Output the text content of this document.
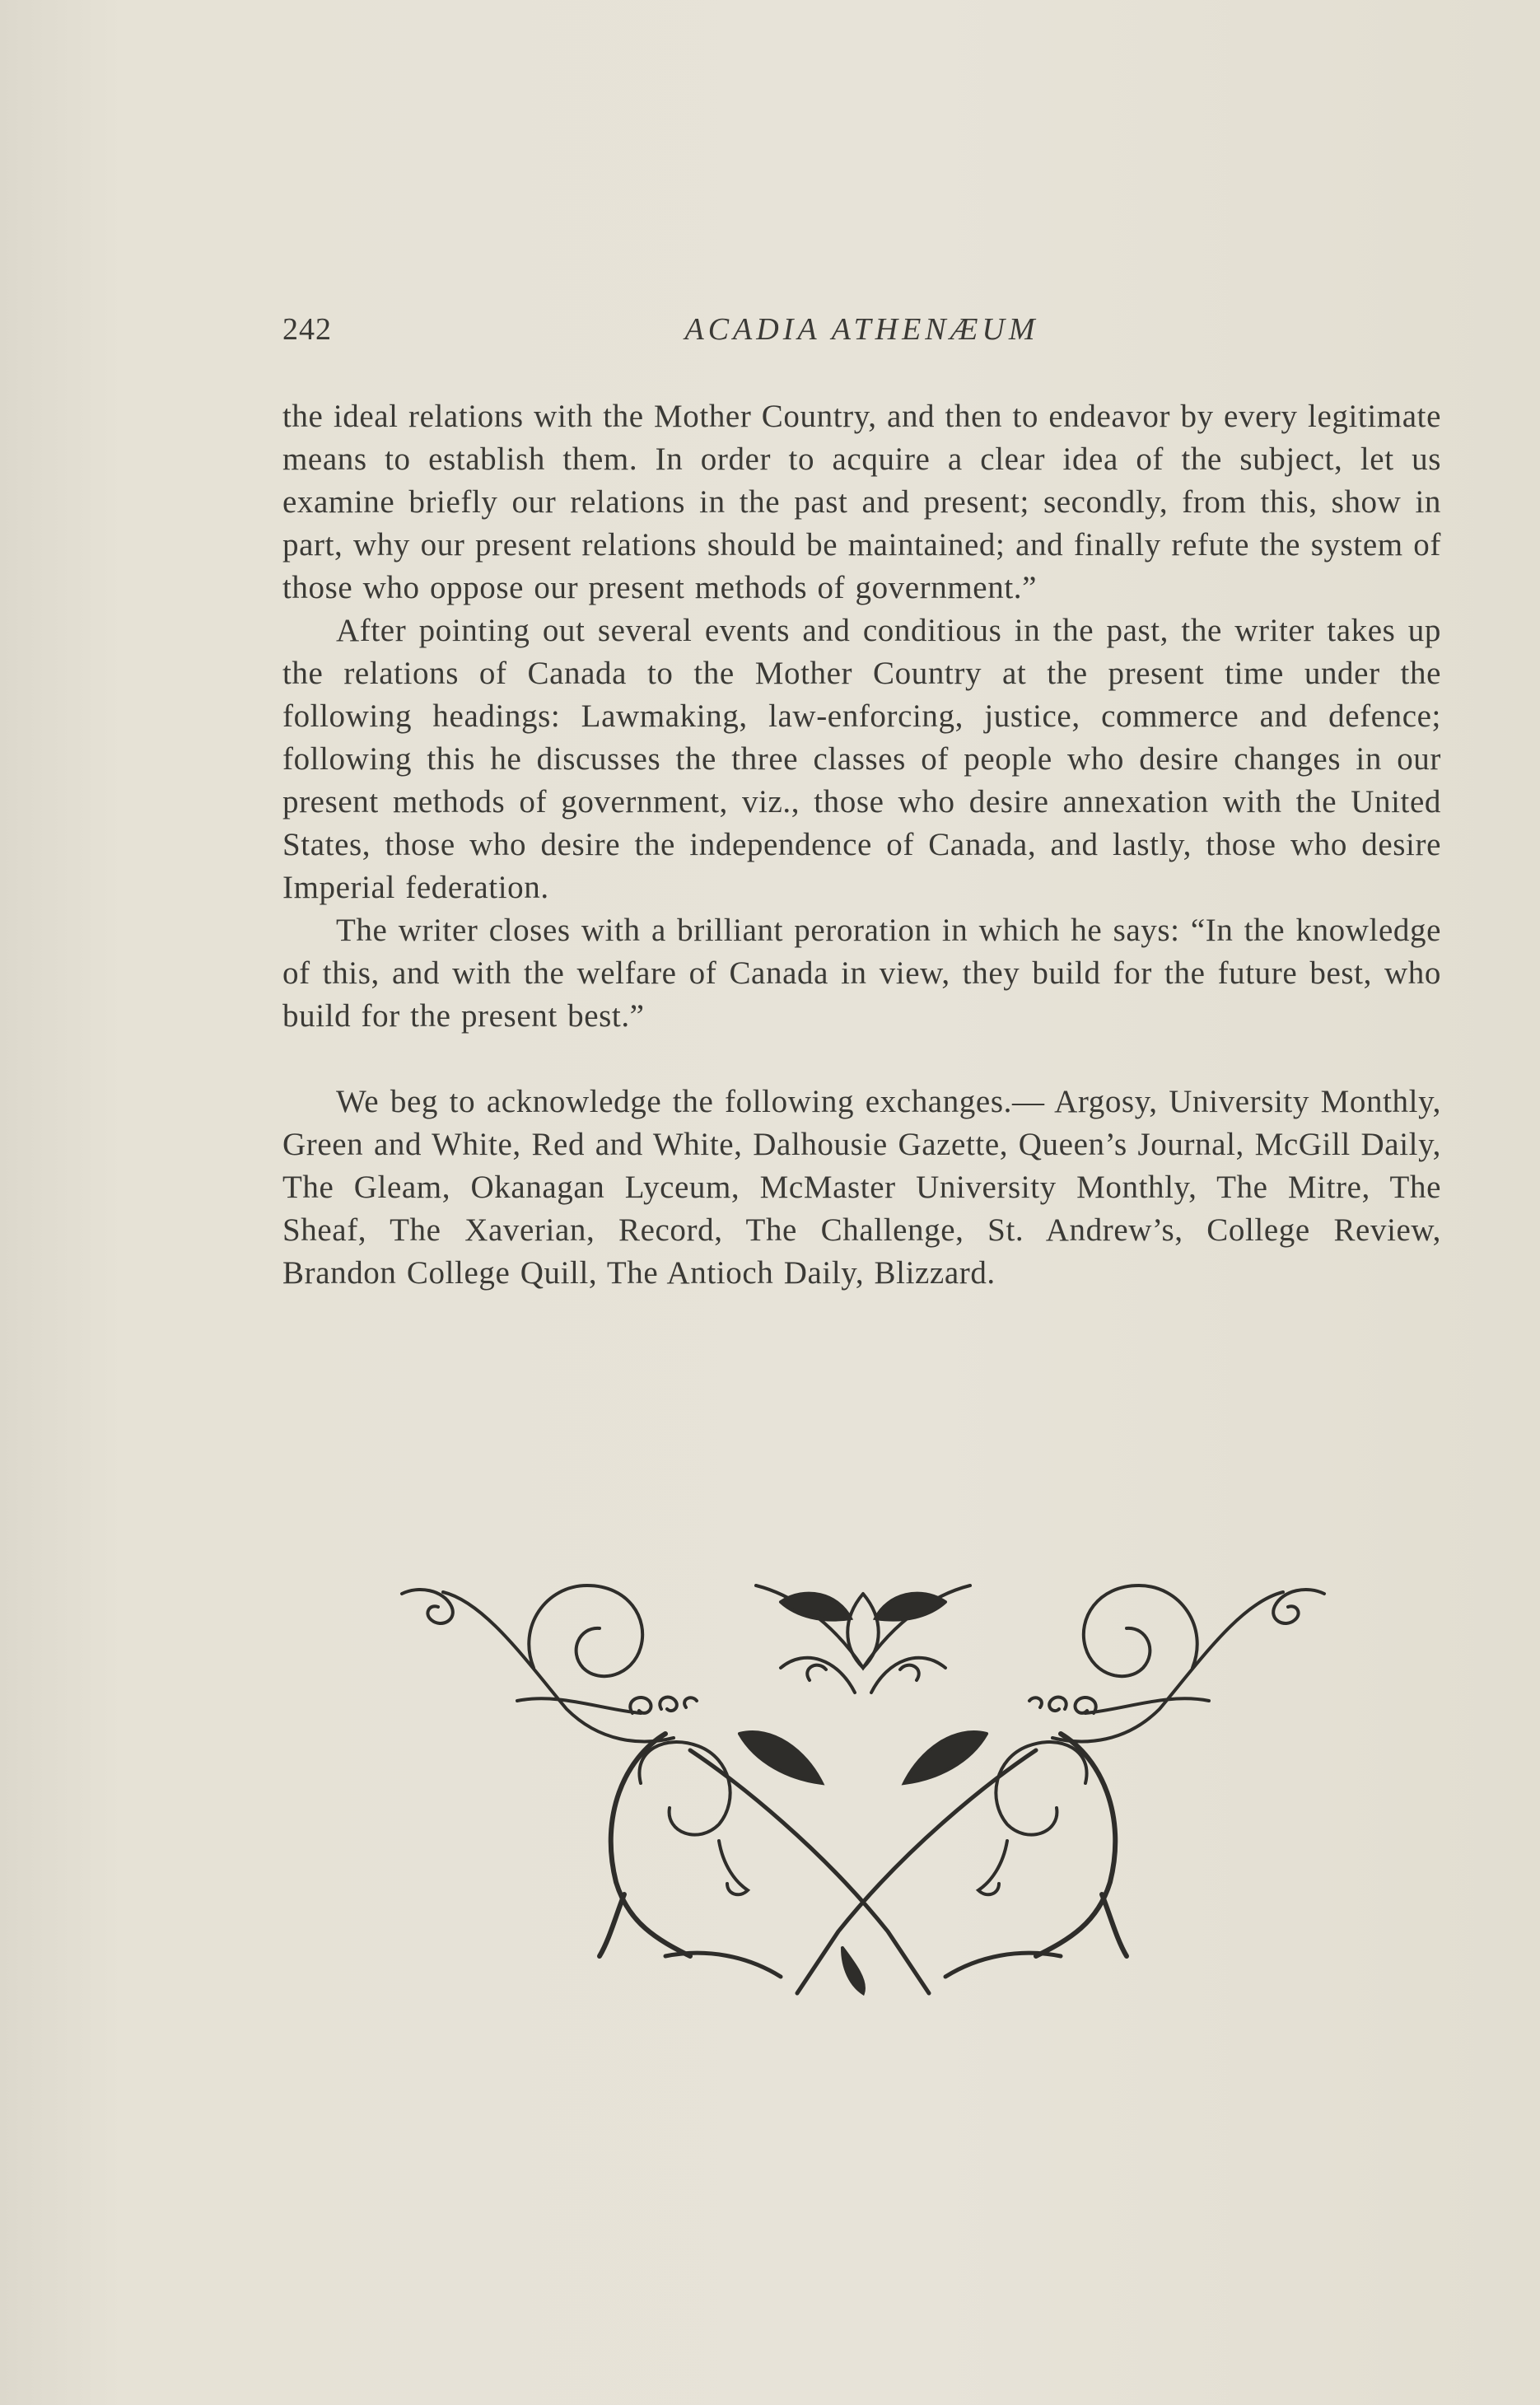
242	ACADIA ATHENÆUM

the ideal relations with the Mother Country, and then to endeavor by every legitimate means to establish them. In order to acquire a clear idea of the subject, let us examine briefly our relations in the past and present; secondly, from this, show in part, why our present relations should be maintained; and finally refute the system of those who oppose our present methods of government.”

After pointing out several events and conditious in the past, the writer takes up the relations of Canada to the Mother Country at the present time under the following headings: Lawmaking, law-enforcing, justice, commerce and defence; following this he discusses the three classes of people who desire changes in our present methods of government, viz., those who desire annexation with the United States, those who desire the independence of Canada, and lastly, those who desire Imperial federation.

The writer closes with a brilliant peroration in which he says: “In the knowledge of this, and with the welfare of Canada in view, they build for the future best, who build for the present best.”

We beg to acknowledge the following exchanges.— Argosy, University Monthly, Green and White, Red and White, Dalhousie Gazette, Queen’s Journal, McGill Daily, The Gleam, Okanagan Lyceum, McMaster University Monthly, The Mitre, The Sheaf, The Xaverian, Record, The Challenge, St. Andrew’s, College Review, Brandon College Quill, The Antioch Daily, Blizzard.
